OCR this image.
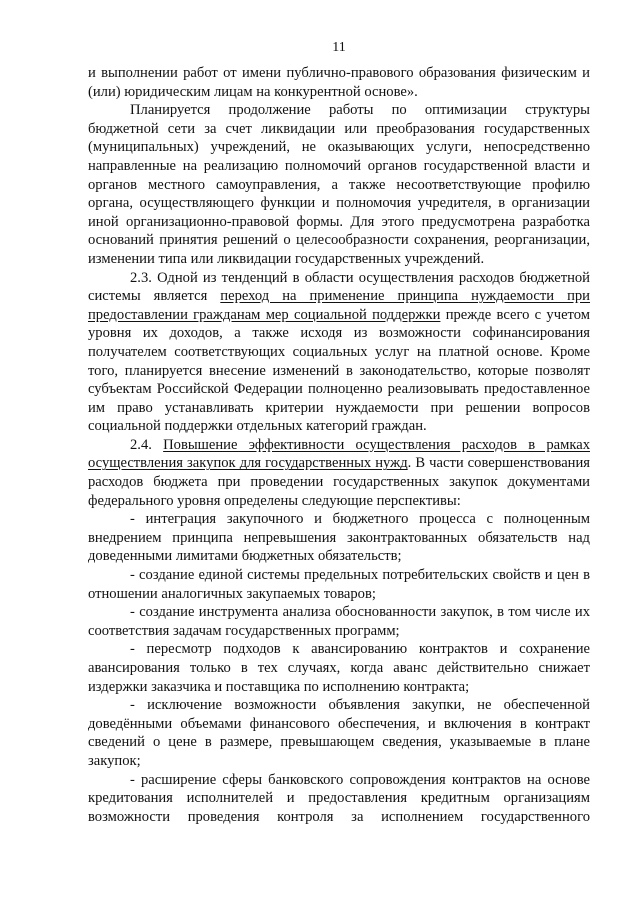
11

и выполнении работ от имени публично-правового образования физическим и (или) юридическим лицам на конкурентной основе».

Планируется продолжение работы по оптимизации структуры бюджетной сети за счет ликвидации или преобразования государственных (муниципальных) учреждений, не оказывающих услуги, непосредственно направленные на реализацию полномочий органов государственной власти и органов местного самоуправления, а также несоответствующие профилю органа, осуществляющего функции и полномочия учредителя, в организации иной организационно-правовой формы. Для этого предусмотрена разработка оснований принятия решений о целесообразности сохранения, реорганизации, изменении типа или ликвидации государственных учреждений.

2.3. Одной из тенденций в области осуществления расходов бюджетной системы является переход на применение принципа нуждаемости при предоставлении гражданам мер социальной поддержки прежде всего с учетом уровня их доходов, а также исходя из возможности софинансирования получателем соответствующих социальных услуг на платной основе. Кроме того, планируется внесение изменений в законодательство, которые позволят субъектам Российской Федерации полноценно реализовывать предоставленное им право устанавливать критерии нуждаемости при решении вопросов социальной поддержки отдельных категорий граждан.

2.4. Повышение эффективности осуществления расходов в рамках осуществления закупок для государственных нужд. В части совершенствования расходов бюджета при проведении государственных закупок документами федерального уровня определены следующие перспективы:

- интеграция закупочного и бюджетного процесса с полноценным внедрением принципа непревышения законтрактованных обязательств над доведенными лимитами бюджетных обязательств;

- создание единой системы предельных потребительских свойств и цен в отношении аналогичных закупаемых товаров;

- создание инструмента анализа обоснованности закупок, в том числе их соответствия задачам государственных программ;

- пересмотр подходов к авансированию контрактов и сохранение авансирования только в тех случаях, когда аванс действительно снижает издержки заказчика и поставщика по исполнению контракта;

- исключение возможности объявления закупки, не обеспеченной доведёнными объемами финансового обеспечения, и включения в контракт сведений о цене в размере, превышающем сведения, указываемые в плане закупок;

- расширение сферы банковского сопровождения контрактов на основе кредитования исполнителей и предоставления кредитным организациям возможности проведения контроля за исполнением государственного
